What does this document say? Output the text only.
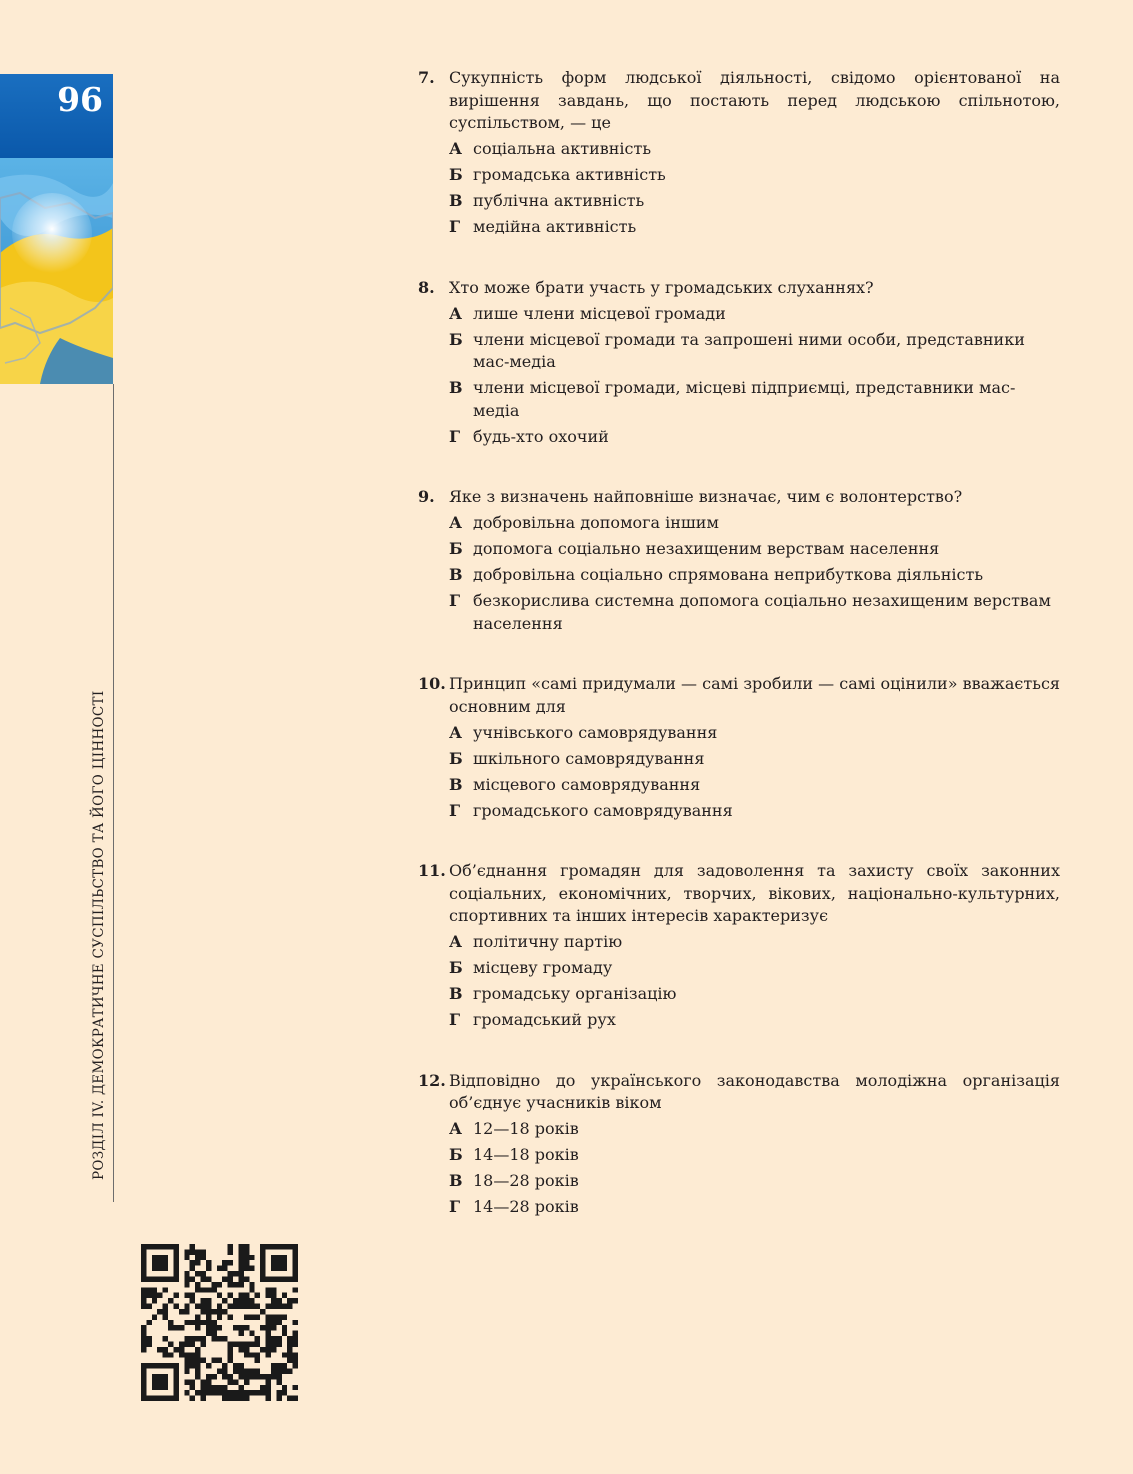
96
РОЗДІЛ IV. ДЕМОКРАТИЧНЕ СУСПІЛЬСТВО ТА ЙОГО ЦІННОСТІ
7. Сукупність форм людської діяльності, свідомо орієнтованої на вирішення завдань, що постають перед людською спільнотою, суспільством, — це
А соціальна активність
Б громадська активність
В публічна активність
Г медійна активність
8. Хто може брати участь у громадських слуханнях?
А лише члени місцевої громади
Б члени місцевої громади та запрошені ними особи, представники мас-медіа
В члени місцевої громади, місцеві підприємці, представники мас-медіа
Г будь-хто охочий
9. Яке з визначень найповніше визначає, чим є волонтерство?
А добровільна допомога іншим
Б допомога соціально незахищеним верствам населення
В добровільна соціально спрямована неприбуткова діяльність
Г безкорислива системна допомога соціально незахищеним верствам населення
10. Принцип «самі придумали — самі зробили — самі оцінили» вважається основним для
А учнівського самоврядування
Б шкільного самоврядування
В місцевого самоврядування
Г громадського самоврядування
11. Об’єднання громадян для задоволення та захисту своїх законних соціальних, економічних, творчих, вікових, національно-культурних, спортивних та інших інтересів характеризує
А політичну партію
Б місцеву громаду
В громадську організацію
Г громадський рух
12. Відповідно до українського законодавства молодіжна організація об’єднує учасників віком
А 12—18 років
Б 14—18 років
В 18—28 років
Г 14—28 років
